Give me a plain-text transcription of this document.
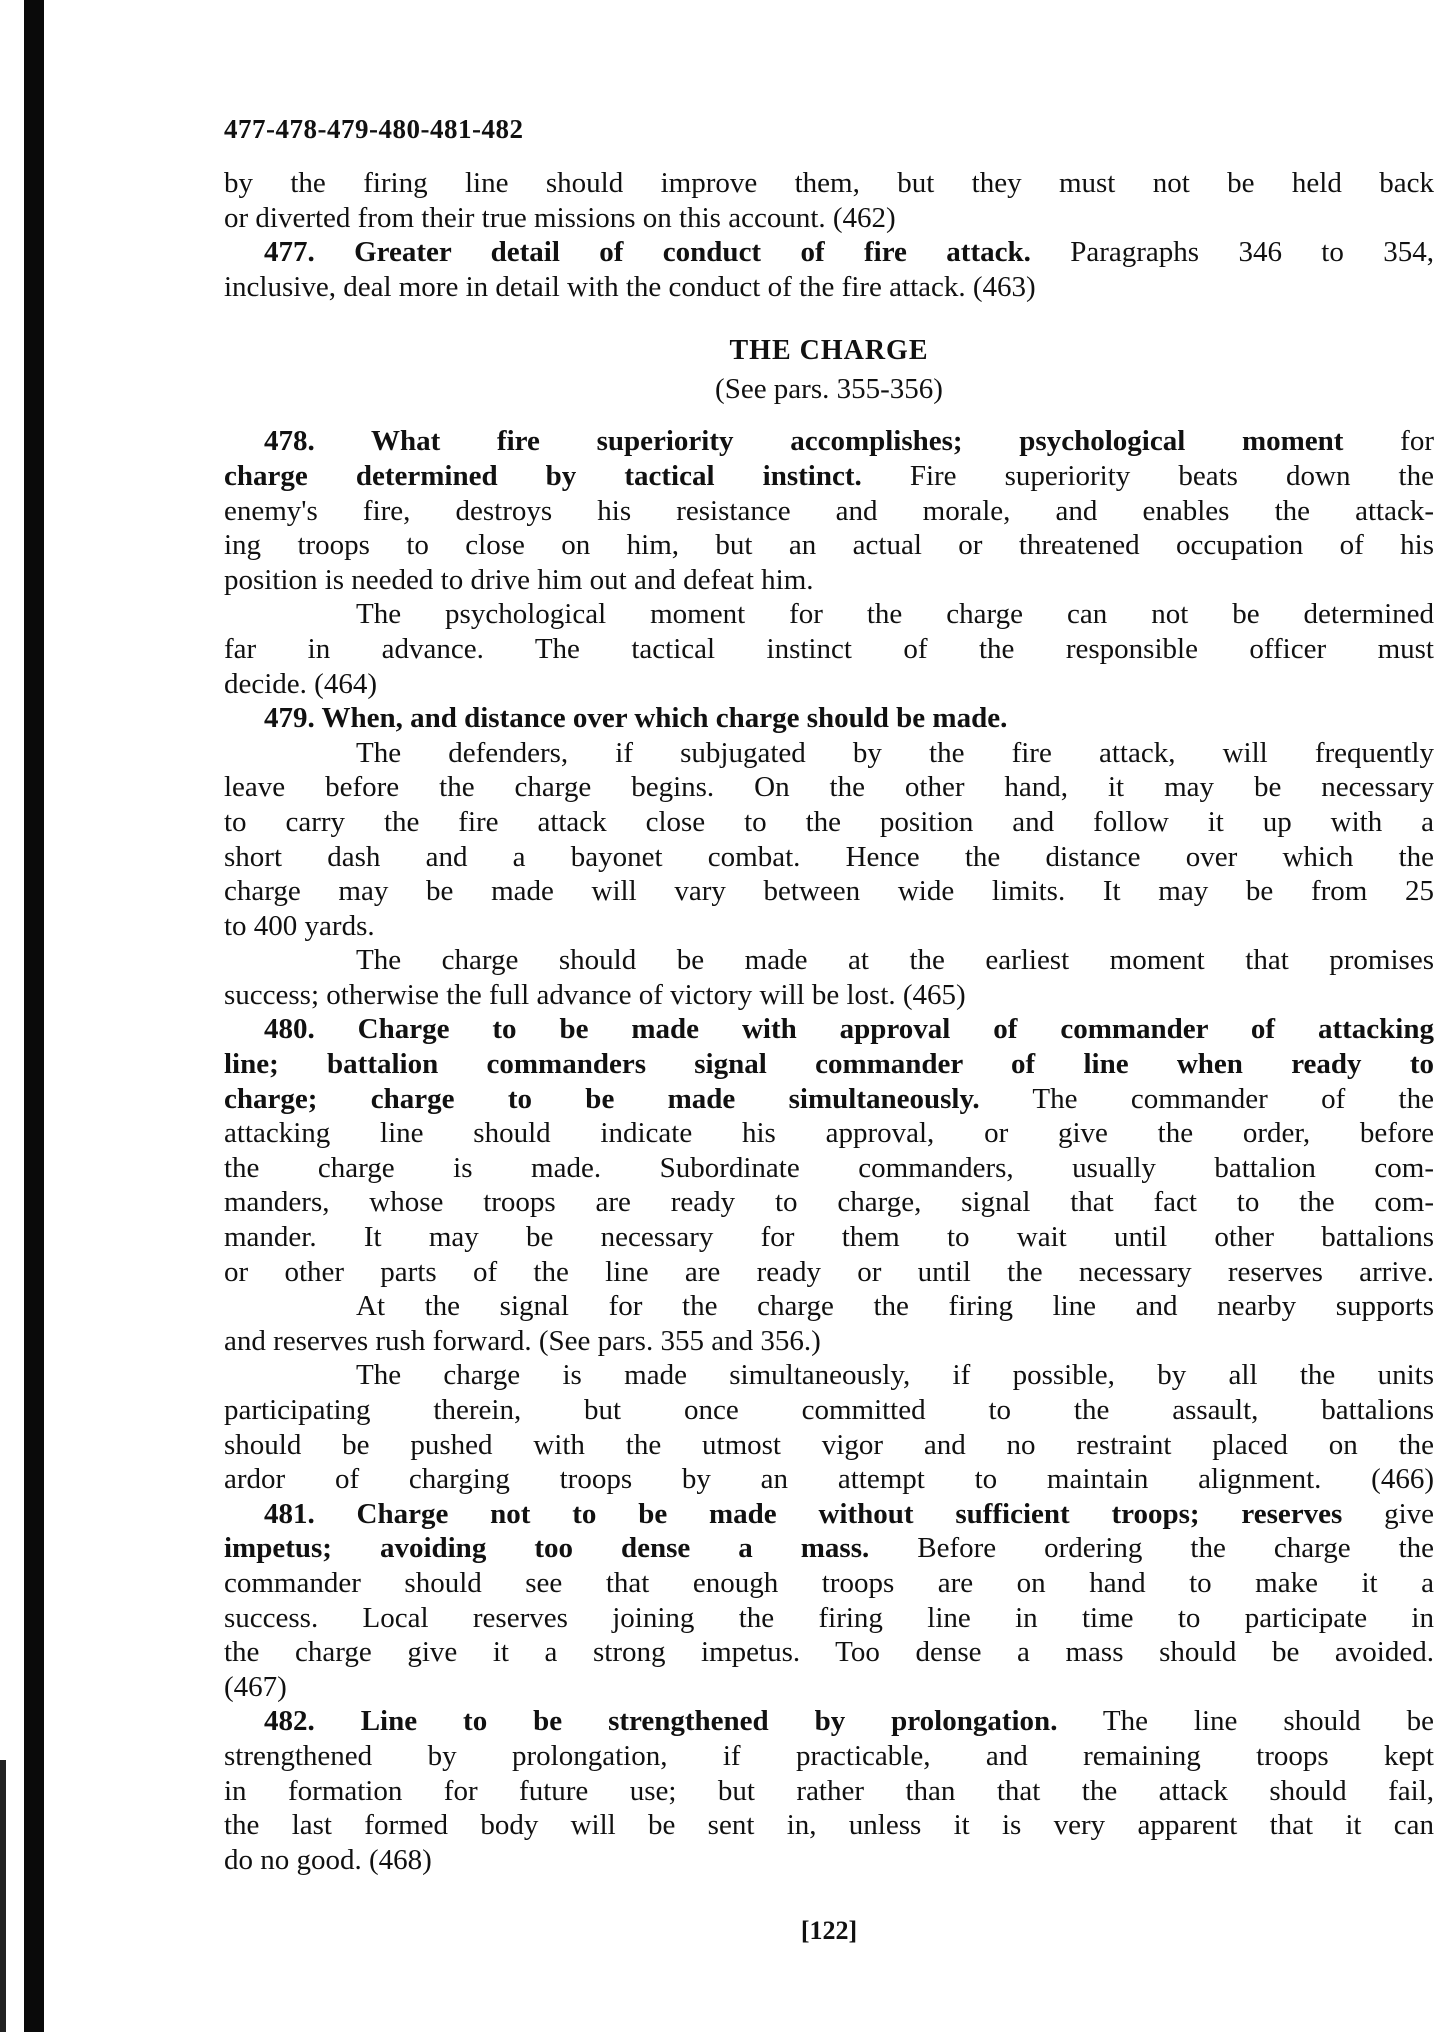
477-478-479-480-481-482
by the firing line should improve them, but they must not be held back
or diverted from their true missions on this account. (462)
477. Greater detail of conduct of fire attack. Paragraphs 346 to 354,
inclusive, deal more in detail with the conduct of the fire attack. (463)
THE CHARGE
(See pars. 355-356)
478. What fire superiority accomplishes; psychological moment for
charge determined by tactical instinct. Fire superiority beats down the
enemy's fire, destroys his resistance and morale, and enables the attack-
ing troops to close on him, but an actual or threatened occupation of his
position is needed to drive him out and defeat him.
The psychological moment for the charge can not be determined
far in advance. The tactical instinct of the responsible officer must
decide. (464)
479. When, and distance over which charge should be made.
The defenders, if subjugated by the fire attack, will frequently
leave before the charge begins. On the other hand, it may be necessary
to carry the fire attack close to the position and follow it up with a
short dash and a bayonet combat. Hence the distance over which the
charge may be made will vary between wide limits. It may be from 25
to 400 yards.
The charge should be made at the earliest moment that promises
success; otherwise the full advance of victory will be lost. (465)
480. Charge to be made with approval of commander of attacking
line; battalion commanders signal commander of line when ready to
charge; charge to be made simultaneously. The commander of the
attacking line should indicate his approval, or give the order, before
the charge is made. Subordinate commanders, usually battalion com-
manders, whose troops are ready to charge, signal that fact to the com-
mander. It may be necessary for them to wait until other battalions
or other parts of the line are ready or until the necessary reserves arrive.
At the signal for the charge the firing line and nearby supports
and reserves rush forward. (See pars. 355 and 356.)
The charge is made simultaneously, if possible, by all the units
participating therein, but once committed to the assault, battalions
should be pushed with the utmost vigor and no restraint placed on the
ardor of charging troops by an attempt to maintain alignment. (466)
481. Charge not to be made without sufficient troops; reserves give
impetus; avoiding too dense a mass. Before ordering the charge the
commander should see that enough troops are on hand to make it a
success. Local reserves joining the firing line in time to participate in
the charge give it a strong impetus. Too dense a mass should be avoided.
(467)
482. Line to be strengthened by prolongation. The line should be
strengthened by prolongation, if practicable, and remaining troops kept
in formation for future use; but rather than that the attack should fail,
the last formed body will be sent in, unless it is very apparent that it can
do no good. (468)
[122]
